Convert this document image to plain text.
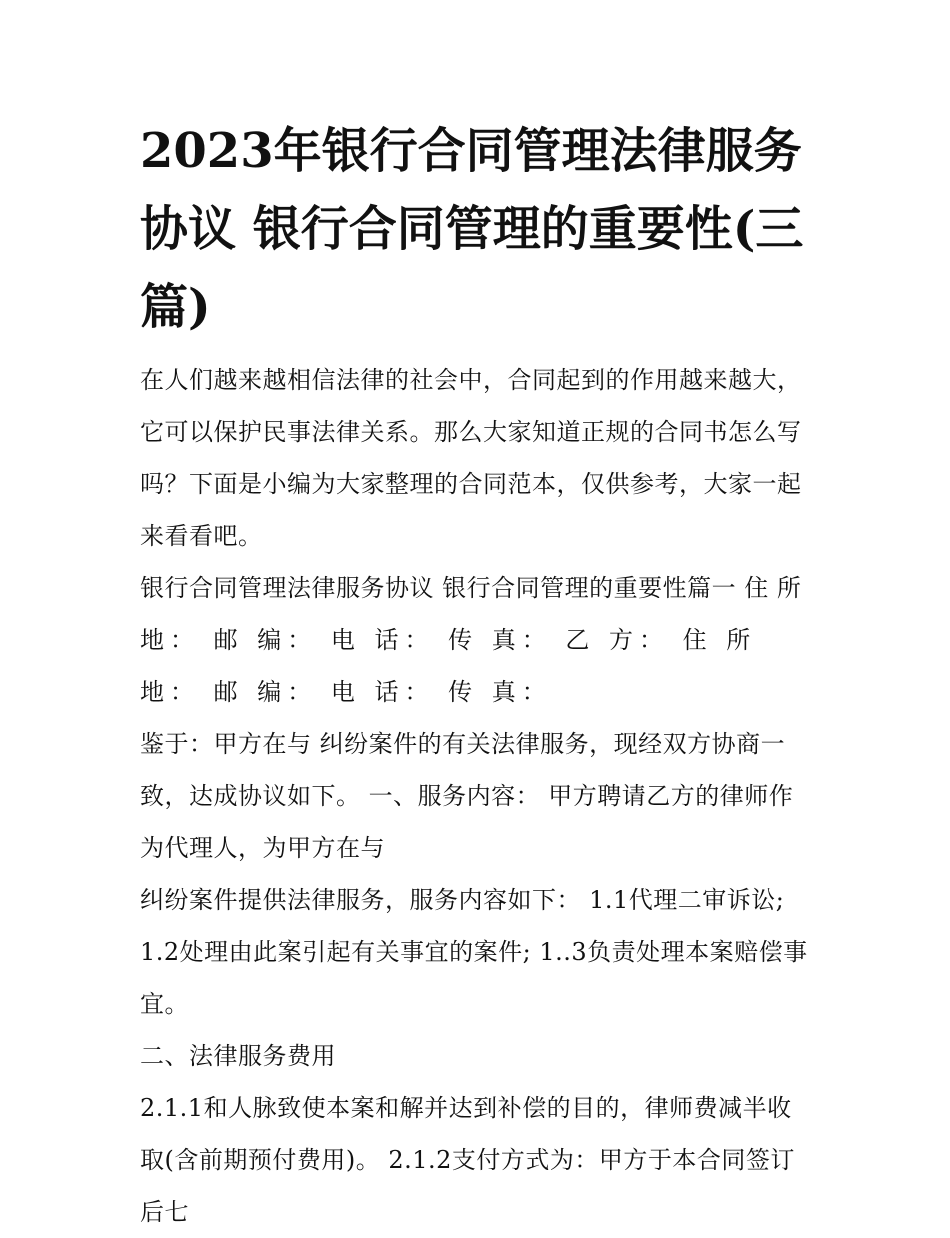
2023年银行合同管理法律服务协议 银行合同管理的重要性(三篇)

在人们越来越相信法律的社会中，合同起到的作用越来越大，它可以保护民事法律关系。那么大家知道正规的合同书怎么写吗？下面是小编为大家整理的合同范本，仅供参考，大家一起来看看吧。

银行合同管理法律服务协议 银行合同管理的重要性篇一 住 所

地： 邮 编： 电 话： 传 真： 乙 方： 住 所 地： 邮 编： 电 话： 传 真：

鉴于：甲方在与 纠纷案件的有关法律服务，现经双方协商一致，达成协议如下。 一、服务内容： 甲方聘请乙方的律师作为代理人，为甲方在与

纠纷案件提供法律服务，服务内容如下： 1.1代理二审诉讼; 1.2处理由此案引起有关事宜的案件; 1..3负责处理本案赔偿事宜。

二、法律服务费用

2.1.1和人脉致使本案和解并达到补偿的目的，律师费减半收取(含前期预付费用)。 2.1.2支付方式为：甲方于本合同签订后七
